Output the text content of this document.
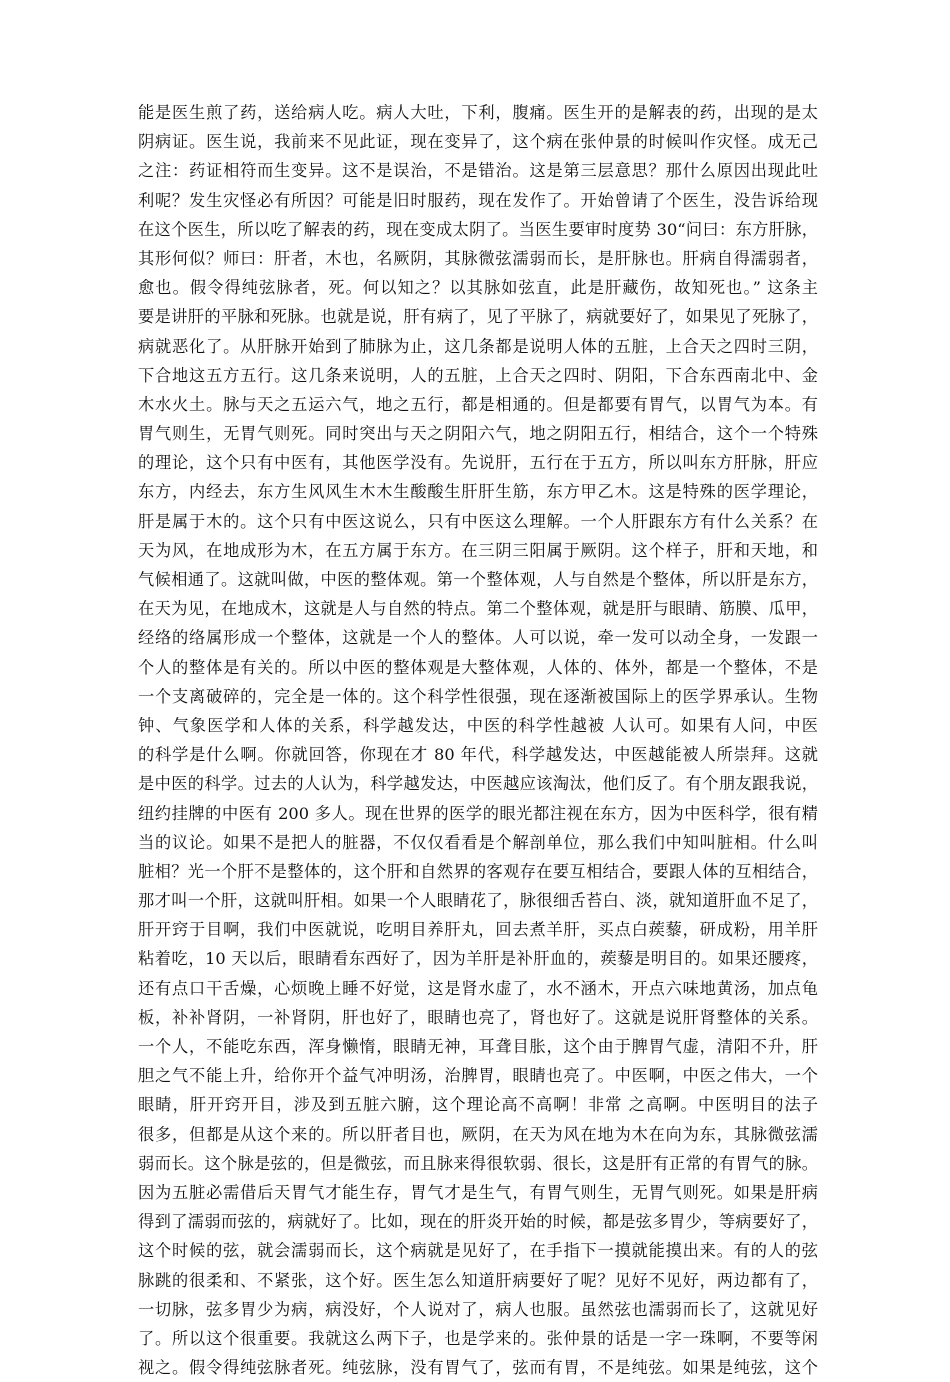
能是医生煎了药，送给病人吃。病人大吐，下利，腹痛。医生开的是解表的药，出现的是太
阴病证。医生说，我前来不见此证，现在变异了，这个病在张仲景的时候叫作灾怪。成无己
之注：药证相符而生变异。这不是误治，不是错治。这是第三层意思？那什么原因出现此吐
利呢？发生灾怪必有所因？可能是旧时服药，现在发作了。开始曾请了个医生，没告诉给现
在这个医生，所以吃了解表的药，现在变成太阴了。当医生要审时度势 30“问曰：东方肝脉，
其形何似？师曰：肝者，木也，名厥阴，其脉微弦濡弱而长，是肝脉也。肝病自得濡弱者，
愈也。假令得纯弦脉者，死。何以知之？以其脉如弦直，此是肝藏伤，故知死也。” 这条主
要是讲肝的平脉和死脉。也就是说，肝有病了，见了平脉了，病就要好了，如果见了死脉了，
病就恶化了。从肝脉开始到了肺脉为止，这几条都是说明人体的五脏，上合天之四时三阴，
下合地这五方五行。这几条来说明，人的五脏，上合天之四时、阴阳，下合东西南北中、金
木水火土。脉与天之五运六气，地之五行，都是相通的。但是都要有胃气，以胃气为本。有
胃气则生，无胃气则死。同时突出与天之阴阳六气，地之阴阳五行，相结合，这个一个特殊
的理论，这个只有中医有，其他医学没有。先说肝，五行在于五方，所以叫东方肝脉，肝应
东方，内经去，东方生风风生木木生酸酸生肝肝生筋，东方甲乙木。这是特殊的医学理论，
肝是属于木的。这个只有中医这说么，只有中医这么理解。一个人肝跟东方有什么关系？在
天为风，在地成形为木，在五方属于东方。在三阴三阳属于厥阴。这个样子，肝和天地，和
气候相通了。这就叫做，中医的整体观。第一个整体观，人与自然是个整体，所以肝是东方，
在天为见，在地成木，这就是人与自然的特点。第二个整体观，就是肝与眼睛、筋膜、瓜甲，
经络的络属形成一个整体，这就是一个人的整体。人可以说，牵一发可以动全身，一发跟一
个人的整体是有关的。所以中医的整体观是大整体观，人体的、体外，都是一个整体，不是
一个支离破碎的，完全是一体的。这个科学性很强，现在逐渐被国际上的医学界承认。生物
钟、气象医学和人体的关系，科学越发达，中医的科学性越被 人认可。如果有人问，中医
的科学是什么啊。你就回答，你现在才 80 年代，科学越发达，中医越能被人所崇拜。这就
是中医的科学。过去的人认为，科学越发达，中医越应该淘汰，他们反了。有个朋友跟我说，
纽约挂牌的中医有 200 多人。现在世界的医学的眼光都注视在东方，因为中医科学，很有精
当的议论。如果不是把人的脏器，不仅仅看看是个解剖单位，那么我们中知叫脏相。什么叫
脏相？光一个肝不是整体的，这个肝和自然界的客观存在要互相结合，要跟人体的互相结合，
那才叫一个肝，这就叫肝相。如果一个人眼睛花了，脉很细舌苔白、淡，就知道肝血不足了，
肝开窍于目啊，我们中医就说，吃明目养肝丸，回去煮羊肝，买点白蒺藜，研成粉，用羊肝
粘着吃，10 天以后，眼睛看东西好了，因为羊肝是补肝血的，蒺藜是明目的。如果还腰疼，
还有点口干舌燥，心烦晚上睡不好觉，这是肾水虚了，水不涵木，开点六味地黄汤，加点龟
板，补补肾阴，一补肾阴，肝也好了，眼睛也亮了，肾也好了。这就是说肝肾整体的关系。
一个人，不能吃东西，浑身懒惰，眼睛无神，耳聋目胀，这个由于脾胃气虚，清阳不升，肝
胆之气不能上升，给你开个益气冲明汤，治脾胃，眼睛也亮了。中医啊，中医之伟大，一个
眼睛，肝开窍开目，涉及到五脏六腑，这个理论高不高啊！非常 之高啊。中医明目的法子
很多，但都是从这个来的。所以肝者目也，厥阴，在天为风在地为木在向为东，其脉微弦濡
弱而长。这个脉是弦的，但是微弦，而且脉来得很软弱、很长，这是肝有正常的有胃气的脉。
因为五脏必需借后天胃气才能生存，胃气才是生气，有胃气则生，无胃气则死。如果是肝病
得到了濡弱而弦的，病就好了。比如，现在的肝炎开始的时候，都是弦多胃少，等病要好了，
这个时候的弦，就会濡弱而长，这个病就是见好了，在手指下一摸就能摸出来。有的人的弦
脉跳的很柔和、不紧张，这个好。医生怎么知道肝病要好了呢？见好不见好，两边都有了，
一切脉，弦多胃少为病，病没好，个人说对了，病人也服。虽然弦也濡弱而长了，这就见好
了。所以这个很重要。我就这么两下子，也是学来的。张仲景的话是一字一珠啊，不要等闲
视之。假令得纯弦脉者死。纯弦脉，没有胃气了，弦而有胃，不是纯弦。如果是纯弦，这个
